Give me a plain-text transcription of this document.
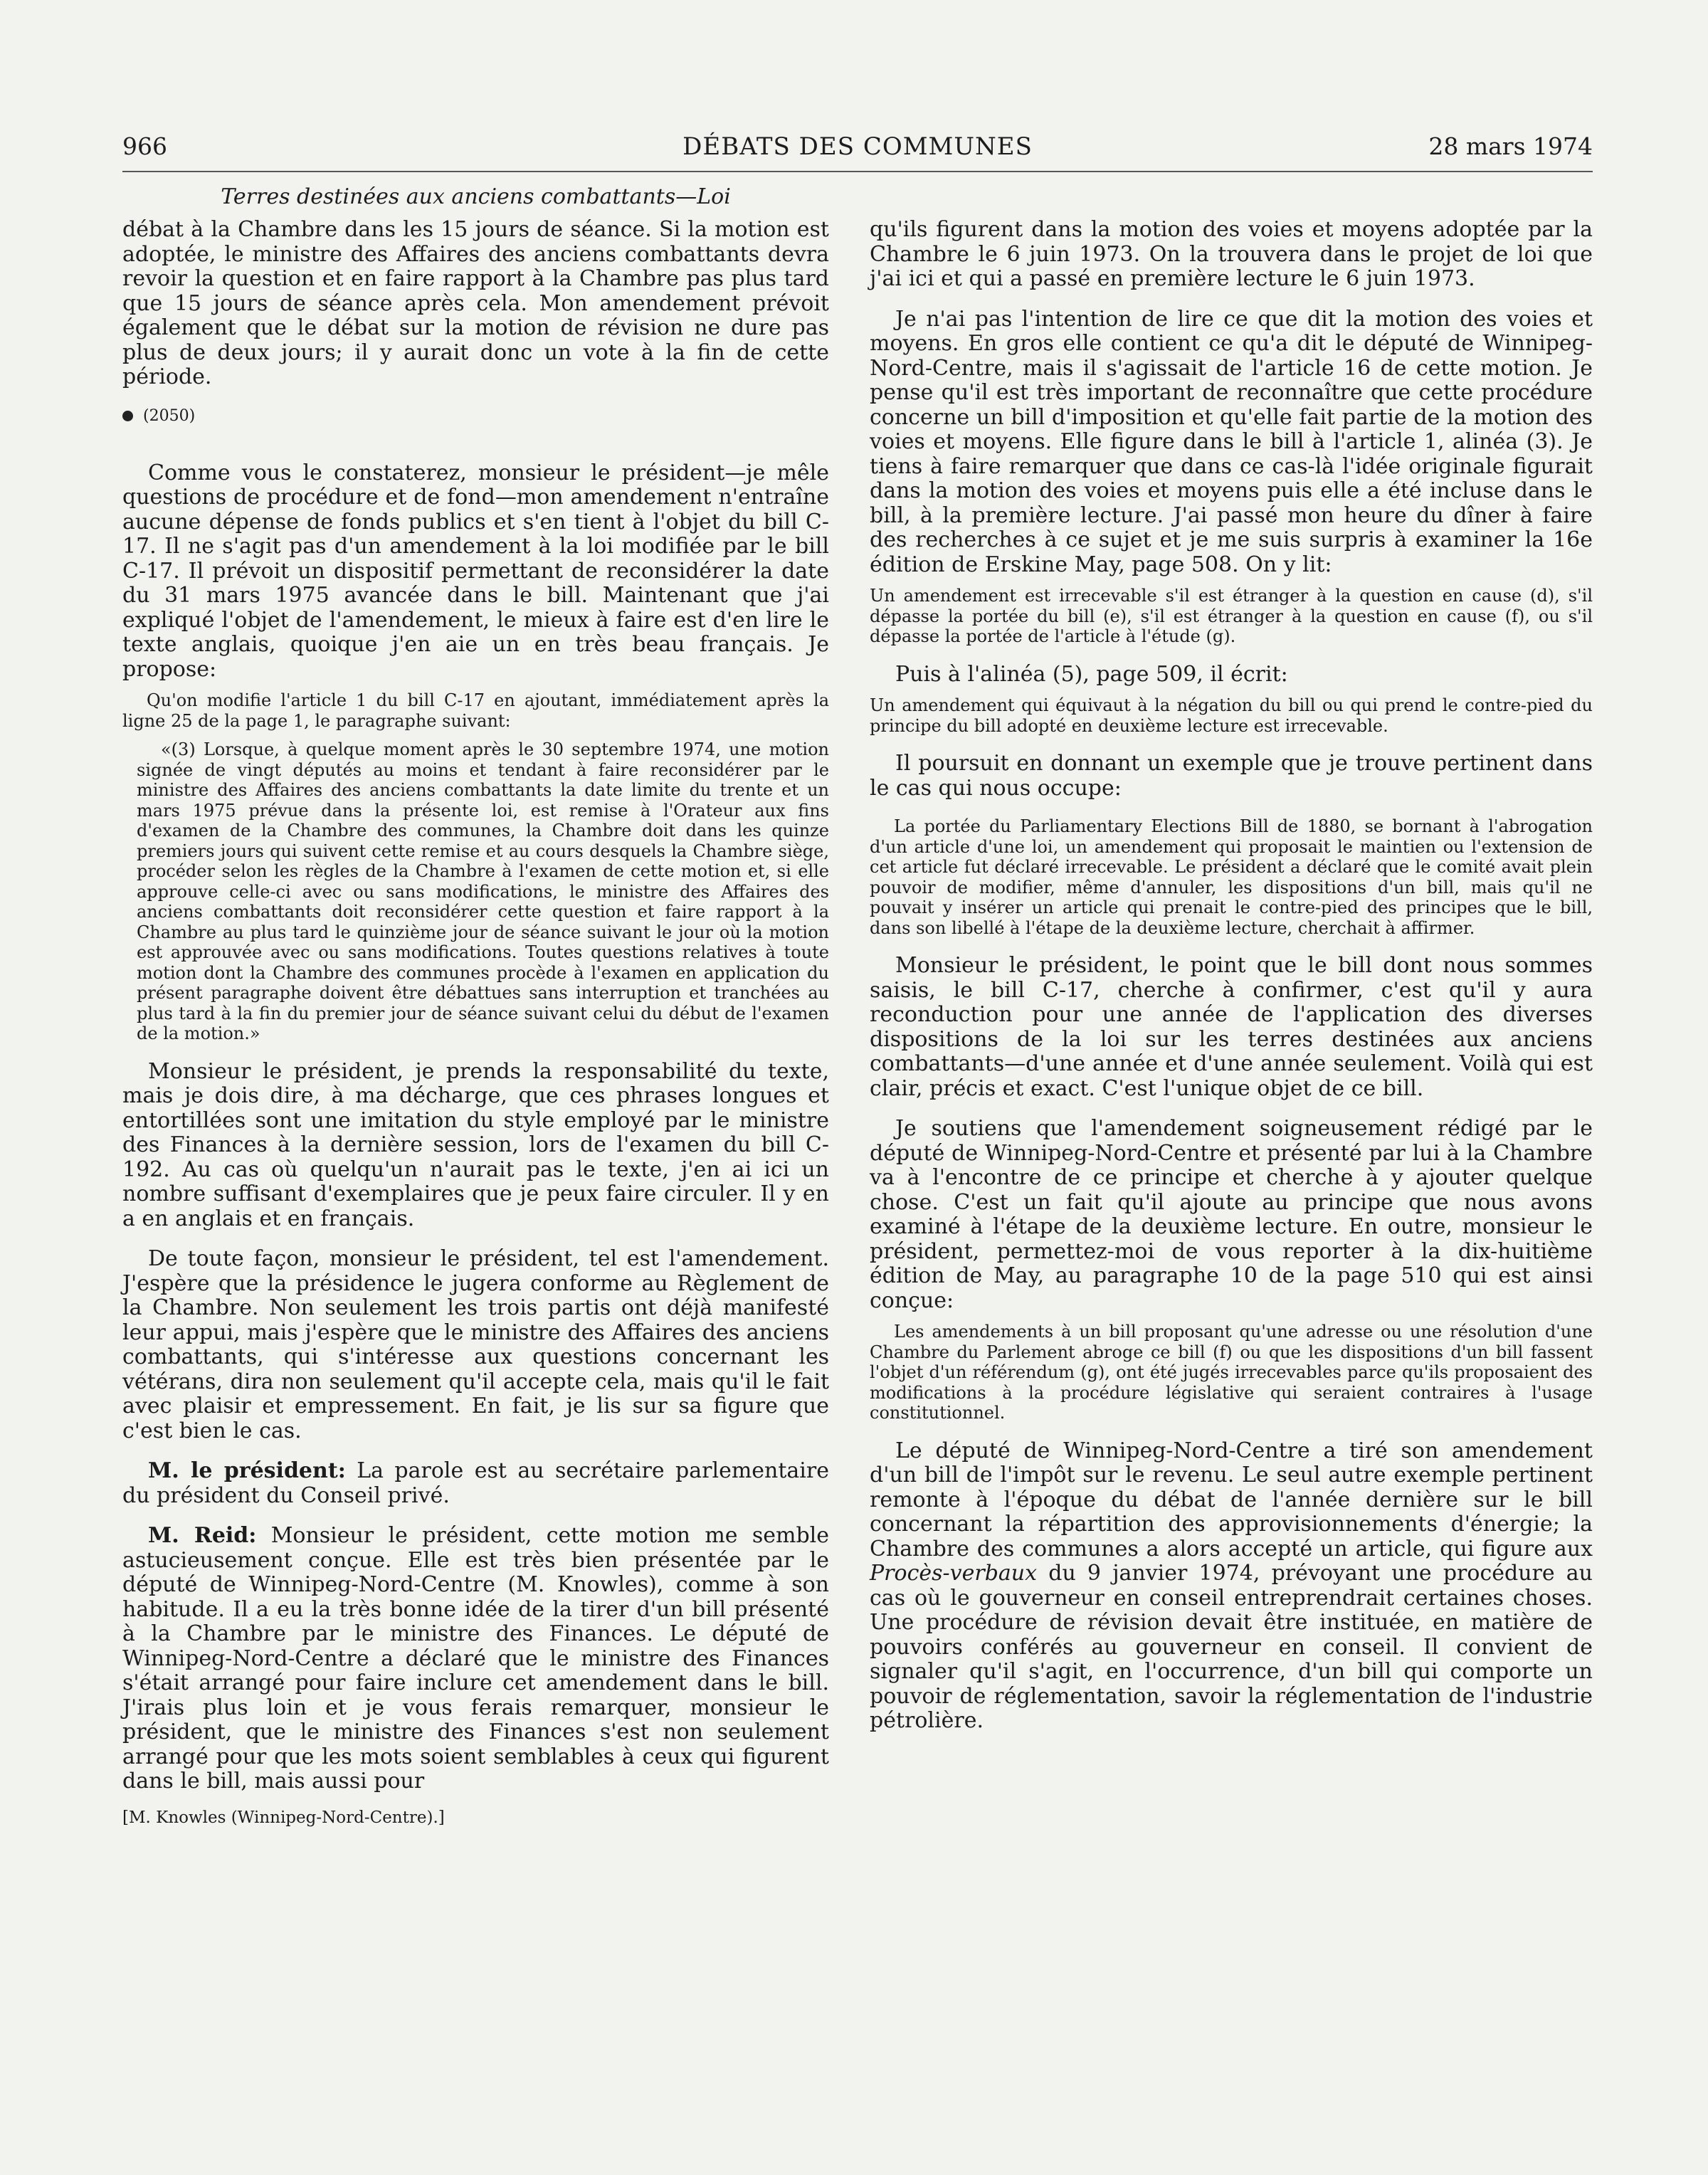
966	DÉBATS DES COMMUNES	28 mars 1974
Terres destinées aux anciens combattants—Loi

débat à la Chambre dans les 15 jours de séance. Si la motion est adoptée, le ministre des Affaires des anciens combattants devra revoir la question et en faire rapport à la Chambre pas plus tard que 15 jours de séance après cela. Mon amendement prévoit également que le débat sur la motion de révision ne dure pas plus de deux jours; il y aurait donc un vote à la fin de cette période.

(2050)

Comme vous le constaterez, monsieur le président—je mêle questions de procédure et de fond—mon amendement n'entraîne aucune dépense de fonds publics et s'en tient à l'objet du bill C-17. Il ne s'agit pas d'un amendement à la loi modifiée par le bill C-17. Il prévoit un dispositif permettant de reconsidérer la date du 31 mars 1975 avancée dans le bill. Maintenant que j'ai expliqué l'objet de l'amendement, le mieux à faire est d'en lire le texte anglais, quoique j'en aie un en très beau français. Je propose:

Qu'on modifie l'article 1 du bill C-17 en ajoutant, immédiatement après la ligne 25 de la page 1, le paragraphe suivant:

«(3) Lorsque, à quelque moment après le 30 septembre 1974, une motion signée de vingt députés au moins et tendant à faire reconsidérer par le ministre des Affaires des anciens combattants la date limite du trente et un mars 1975 prévue dans la présente loi, est remise à l'Orateur aux fins d'examen de la Chambre des communes, la Chambre doit dans les quinze premiers jours qui suivent cette remise et au cours desquels la Chambre siège, procéder selon les règles de la Chambre à l'examen de cette motion et, si elle approuve celle-ci avec ou sans modifications, le ministre des Affaires des anciens combattants doit reconsidérer cette question et faire rapport à la Chambre au plus tard le quinzième jour de séance suivant le jour où la motion est approuvée avec ou sans modifications. Toutes questions relatives à toute motion dont la Chambre des communes procède à l'examen en application du présent paragraphe doivent être débattues sans interruption et tranchées au plus tard à la fin du premier jour de séance suivant celui du début de l'examen de la motion.»

Monsieur le président, je prends la responsabilité du texte, mais je dois dire, à ma décharge, que ces phrases longues et entortillées sont une imitation du style employé par le ministre des Finances à la dernière session, lors de l'examen du bill C-192. Au cas où quelqu'un n'aurait pas le texte, j'en ai ici un nombre suffisant d'exemplaires que je peux faire circuler. Il y en a en anglais et en français.

De toute façon, monsieur le président, tel est l'amendement. J'espère que la présidence le jugera conforme au Règlement de la Chambre. Non seulement les trois partis ont déjà manifesté leur appui, mais j'espère que le ministre des Affaires des anciens combattants, qui s'intéresse aux questions concernant les vétérans, dira non seulement qu'il accepte cela, mais qu'il le fait avec plaisir et empressement. En fait, je lis sur sa figure que c'est bien le cas.

M. le président: La parole est au secrétaire parlementaire du président du Conseil privé.

M. Reid: Monsieur le président, cette motion me semble astucieusement conçue. Elle est très bien présentée par le député de Winnipeg-Nord-Centre (M. Knowles), comme à son habitude. Il a eu la très bonne idée de la tirer d'un bill présenté à la Chambre par le ministre des Finances. Le député de Winnipeg-Nord-Centre a déclaré que le ministre des Finances s'était arrangé pour faire inclure cet amendement dans le bill. J'irais plus loin et je vous ferais remarquer, monsieur le président, que le ministre des Finances s'est non seulement arrangé pour que les mots soient semblables à ceux qui figurent dans le bill, mais aussi pour

[M. Knowles (Winnipeg-Nord-Centre).]

qu'ils figurent dans la motion des voies et moyens adoptée par la Chambre le 6 juin 1973. On la trouvera dans le projet de loi que j'ai ici et qui a passé en première lecture le 6 juin 1973.

Je n'ai pas l'intention de lire ce que dit la motion des voies et moyens. En gros elle contient ce qu'a dit le député de Winnipeg-Nord-Centre, mais il s'agissait de l'article 16 de cette motion. Je pense qu'il est très important de reconnaître que cette procédure concerne un bill d'imposition et qu'elle fait partie de la motion des voies et moyens. Elle figure dans le bill à l'article 1, alinéa (3). Je tiens à faire remarquer que dans ce cas-là l'idée originale figurait dans la motion des voies et moyens puis elle a été incluse dans le bill, à la première lecture. J'ai passé mon heure du dîner à faire des recherches à ce sujet et je me suis surpris à examiner la 16e édition de Erskine May, page 508. On y lit:

Un amendement est irrecevable s'il est étranger à la question en cause (d), s'il dépasse la portée du bill (e), s'il est étranger à la question en cause (f), ou s'il dépasse la portée de l'article à l'étude (g).

Puis à l'alinéa (5), page 509, il écrit:

Un amendement qui équivaut à la négation du bill ou qui prend le contre-pied du principe du bill adopté en deuxième lecture est irrecevable.

Il poursuit en donnant un exemple que je trouve pertinent dans le cas qui nous occupe:

La portée du Parliamentary Elections Bill de 1880, se bornant à l'abrogation d'un article d'une loi, un amendement qui proposait le maintien ou l'extension de cet article fut déclaré irrecevable. Le président a déclaré que le comité avait plein pouvoir de modifier, même d'annuler, les dispositions d'un bill, mais qu'il ne pouvait y insérer un article qui prenait le contre-pied des principes que le bill, dans son libellé à l'étape de la deuxième lecture, cherchait à affirmer.

Monsieur le président, le point que le bill dont nous sommes saisis, le bill C-17, cherche à confirmer, c'est qu'il y aura reconduction pour une année de l'application des diverses dispositions de la loi sur les terres destinées aux anciens combattants—d'une année et d'une année seulement. Voilà qui est clair, précis et exact. C'est l'unique objet de ce bill.

Je soutiens que l'amendement soigneusement rédigé par le député de Winnipeg-Nord-Centre et présenté par lui à la Chambre va à l'encontre de ce principe et cherche à y ajouter quelque chose. C'est un fait qu'il ajoute au principe que nous avons examiné à l'étape de la deuxième lecture. En outre, monsieur le président, permettez-moi de vous reporter à la dix-huitième édition de May, au paragraphe 10 de la page 510 qui est ainsi conçue:

Les amendements à un bill proposant qu'une adresse ou une résolution d'une Chambre du Parlement abroge ce bill (f) ou que les dispositions d'un bill fassent l'objet d'un référendum (g), ont été jugés irrecevables parce qu'ils proposaient des modifications à la procédure législative qui seraient contraires à l'usage constitutionnel.

Le député de Winnipeg-Nord-Centre a tiré son amendement d'un bill de l'impôt sur le revenu. Le seul autre exemple pertinent remonte à l'époque du débat de l'année dernière sur le bill concernant la répartition des approvisionnements d'énergie; la Chambre des communes a alors accepté un article, qui figure aux Procès-verbaux du 9 janvier 1974, prévoyant une procédure au cas où le gouverneur en conseil entreprendrait certaines choses. Une procédure de révision devait être instituée, en matière de pouvoirs conférés au gouverneur en conseil. Il convient de signaler qu'il s'agit, en l'occurrence, d'un bill qui comporte un pouvoir de réglementation, savoir la réglementation de l'industrie pétrolière.
